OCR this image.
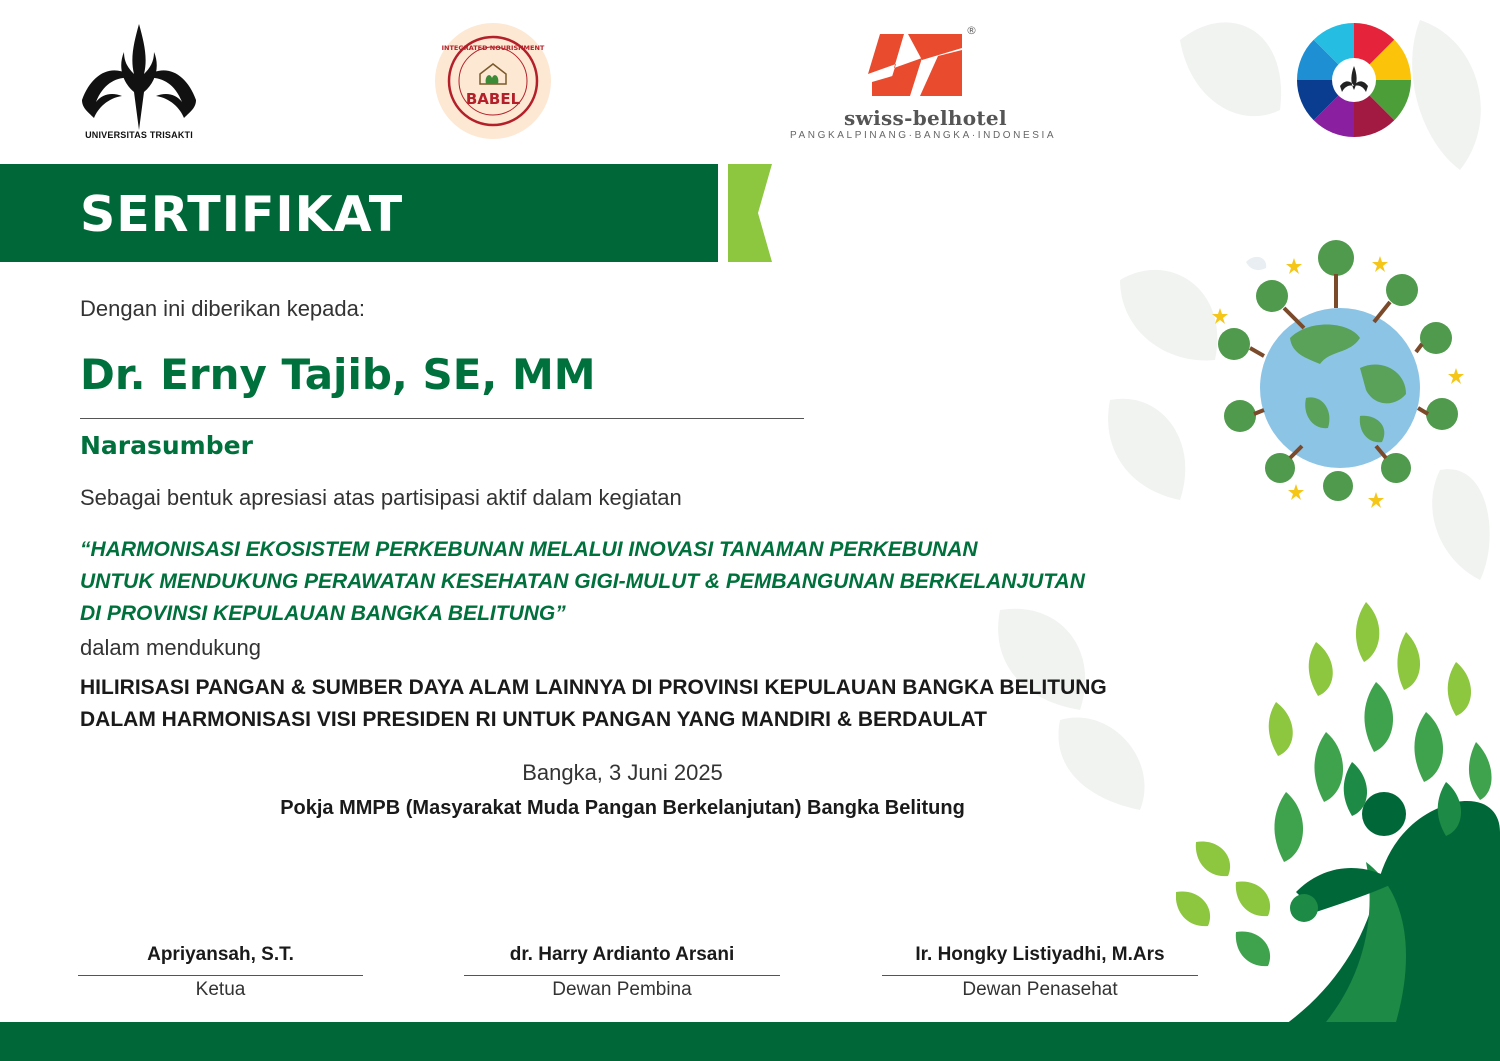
UNIVERSITAS TRISAKTI
BABEL
INTEGRATED NOURISHMENT
®
swiss-belhotel
PANGKALPINANG·BANGKA·INDONESIA
SERTIFIKAT
Dengan ini diberikan kepada:
Dr. Erny Tajib, SE, MM
Narasumber
Sebagai bentuk apresiasi atas partisipasi aktif dalam kegiatan
“HARMONISASI EKOSISTEM PERKEBUNAN MELALUI INOVASI TANAMAN PERKEBUNAN
UNTUK MENDUKUNG PERAWATAN KESEHATAN GIGI-MULUT & PEMBANGUNAN BERKELANJUTAN
DI PROVINSI KEPULAUAN BANGKA BELITUNG”
dalam mendukung
HILIRISASI PANGAN & SUMBER DAYA ALAM LAINNYA DI PROVINSI KEPULAUAN BANGKA BELITUNG
DALAM HARMONISASI VISI PRESIDEN RI UNTUK PANGAN YANG MANDIRI & BERDAULAT
Bangka, 3 Juni 2025
Pokja MMPB (Masyarakat Muda Pangan Berkelanjutan) Bangka Belitung
Apriyansah, S.T.
Ketua
dr. Harry Ardianto Arsani
Dewan Pembina
Ir. Hongky Listiyadhi, M.Ars
Dewan Penasehat
